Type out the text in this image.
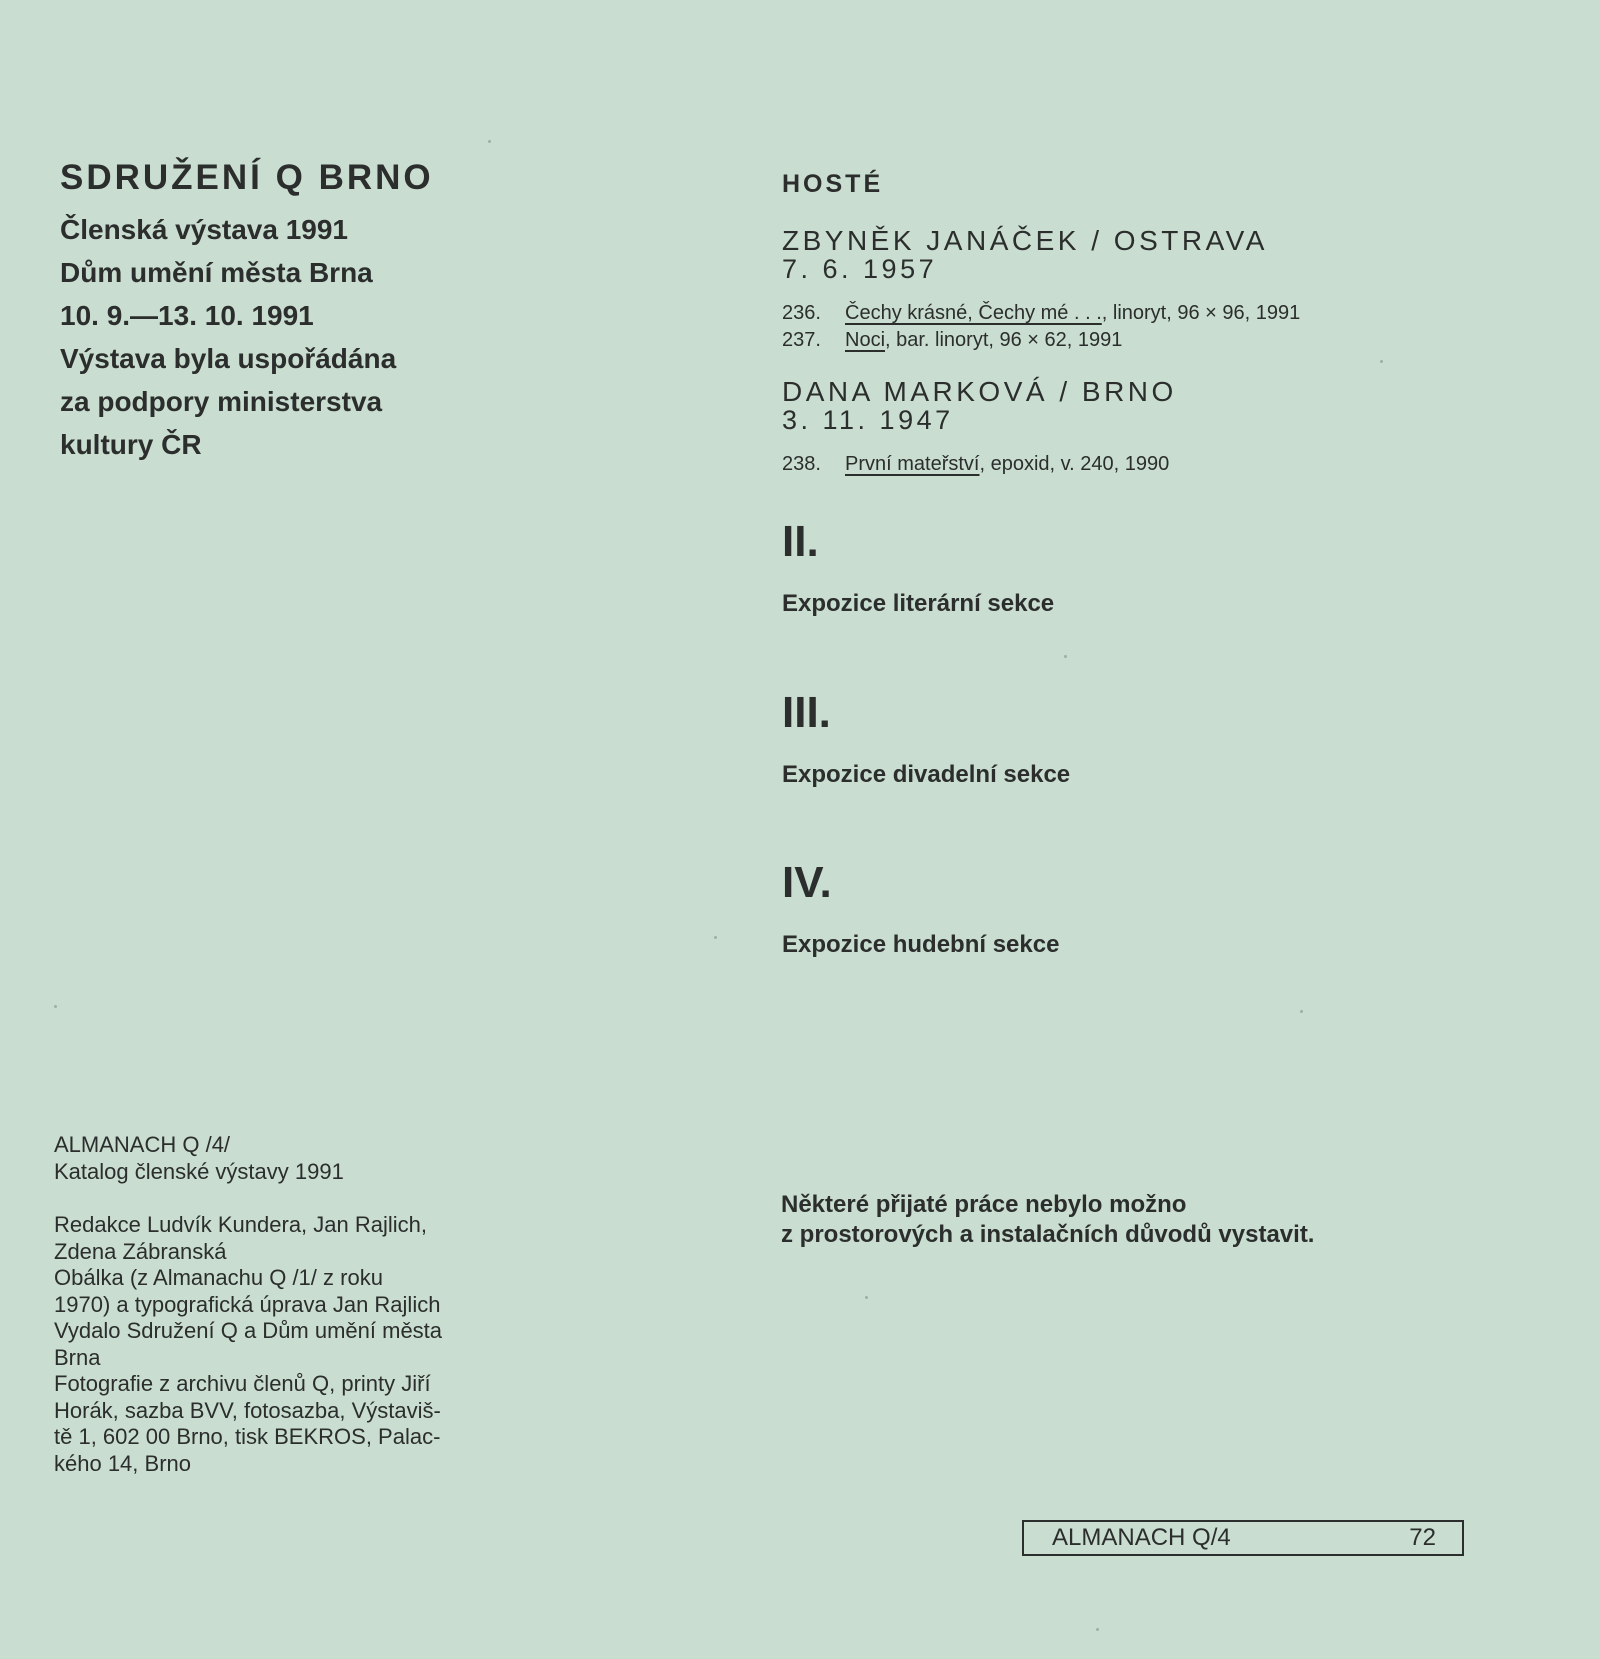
SDRUŽENÍ Q BRNO
Členská výstava 1991
Dům umění města Brna
10. 9.—13. 10. 1991
Výstava byla uspořádána
za podpory ministerstva
kultury ČR
ALMANACH Q /4/
Katalog členské výstavy 1991
Redakce Ludvík Kundera, Jan Rajlich,
Zdena Zábranská
Obálka (z Almanachu Q /1/ z roku
1970) a typografická úprava Jan Rajlich
Vydalo Sdružení Q a Dům umění města
Brna
Fotografie z archivu členů Q, printy Jiří
Horák, sazba BVV, fotosazba, Výstaviš-
tě 1, 602 00 Brno, tisk BEKROS, Palac-
kého 14, Brno
HOSTÉ
ZBYNĚK JANÁČEK / OSTRAVA
7. 6. 1957
236.	Čechy krásné, Čechy mé . . ., linoryt, 96 × 96, 1991
237.	Noci, bar. linoryt, 96 × 62, 1991
DANA MARKOVÁ / BRNO
3. 11. 1947
238.	První mateřství, epoxid, v. 240, 1990
II.
Expozice literární sekce
III.
Expozice divadelní sekce
IV.
Expozice hudební sekce
Některé přijaté práce nebylo možno
z prostorových a instalačních důvodů vystavit.
ALMANACH Q/4	72
